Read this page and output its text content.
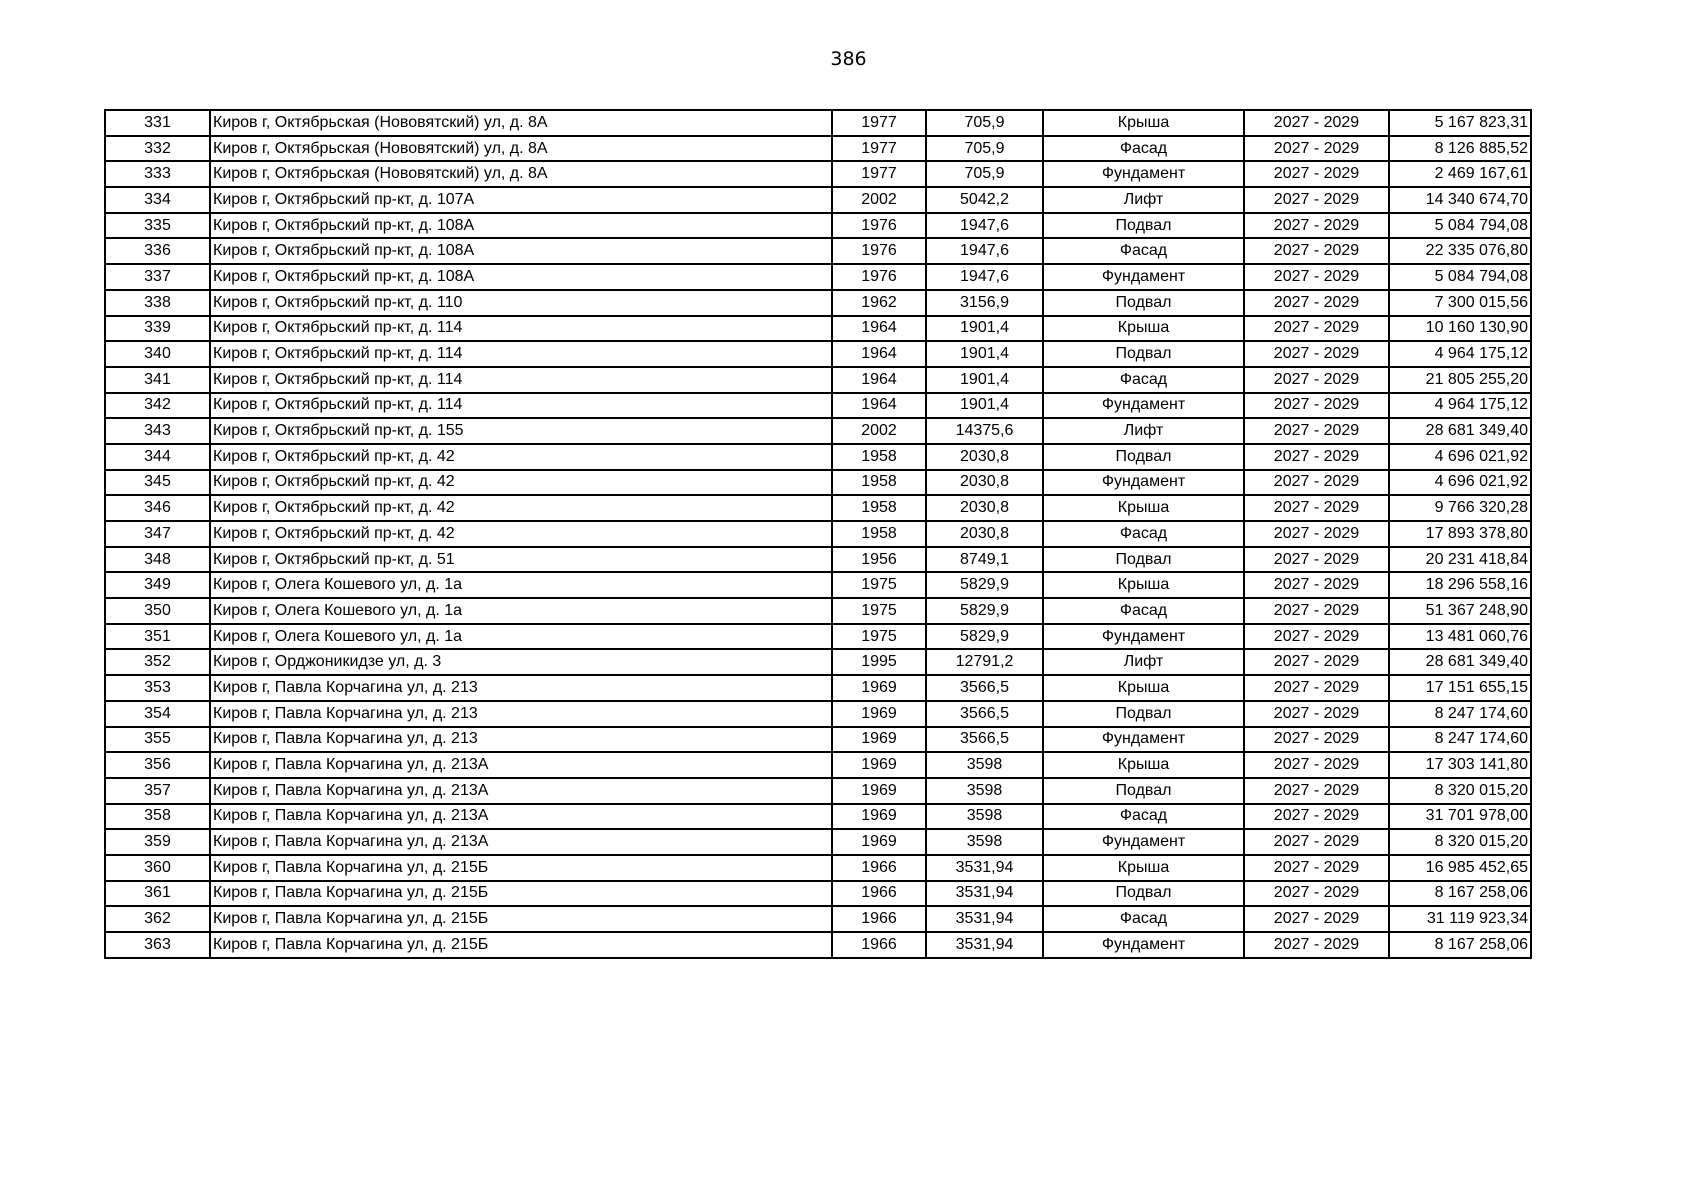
386
331	Киров г, Октябрьская (Нововятский) ул, д. 8А	1977	705,9	Крыша	2027 - 2029	5 167 823,31
332	Киров г, Октябрьская (Нововятский) ул, д. 8А	1977	705,9	Фасад	2027 - 2029	8 126 885,52
333	Киров г, Октябрьская (Нововятский) ул, д. 8А	1977	705,9	Фундамент	2027 - 2029	2 469 167,61
334	Киров г, Октябрьский пр-кт, д. 107А	2002	5042,2	Лифт	2027 - 2029	14 340 674,70
335	Киров г, Октябрьский пр-кт, д. 108А	1976	1947,6	Подвал	2027 - 2029	5 084 794,08
336	Киров г, Октябрьский пр-кт, д. 108А	1976	1947,6	Фасад	2027 - 2029	22 335 076,80
337	Киров г, Октябрьский пр-кт, д. 108А	1976	1947,6	Фундамент	2027 - 2029	5 084 794,08
338	Киров г, Октябрьский пр-кт, д. 110	1962	3156,9	Подвал	2027 - 2029	7 300 015,56
339	Киров г, Октябрьский пр-кт, д. 114	1964	1901,4	Крыша	2027 - 2029	10 160 130,90
340	Киров г, Октябрьский пр-кт, д. 114	1964	1901,4	Подвал	2027 - 2029	4 964 175,12
341	Киров г, Октябрьский пр-кт, д. 114	1964	1901,4	Фасад	2027 - 2029	21 805 255,20
342	Киров г, Октябрьский пр-кт, д. 114	1964	1901,4	Фундамент	2027 - 2029	4 964 175,12
343	Киров г, Октябрьский пр-кт, д. 155	2002	14375,6	Лифт	2027 - 2029	28 681 349,40
344	Киров г, Октябрьский пр-кт, д. 42	1958	2030,8	Подвал	2027 - 2029	4 696 021,92
345	Киров г, Октябрьский пр-кт, д. 42	1958	2030,8	Фундамент	2027 - 2029	4 696 021,92
346	Киров г, Октябрьский пр-кт, д. 42	1958	2030,8	Крыша	2027 - 2029	9 766 320,28
347	Киров г, Октябрьский пр-кт, д. 42	1958	2030,8	Фасад	2027 - 2029	17 893 378,80
348	Киров г, Октябрьский пр-кт, д. 51	1956	8749,1	Подвал	2027 - 2029	20 231 418,84
349	Киров г, Олега Кошевого ул, д. 1а	1975	5829,9	Крыша	2027 - 2029	18 296 558,16
350	Киров г, Олега Кошевого ул, д. 1а	1975	5829,9	Фасад	2027 - 2029	51 367 248,90
351	Киров г, Олега Кошевого ул, д. 1а	1975	5829,9	Фундамент	2027 - 2029	13 481 060,76
352	Киров г, Орджоникидзе ул, д. 3	1995	12791,2	Лифт	2027 - 2029	28 681 349,40
353	Киров г, Павла Корчагина ул, д. 213	1969	3566,5	Крыша	2027 - 2029	17 151 655,15
354	Киров г, Павла Корчагина ул, д. 213	1969	3566,5	Подвал	2027 - 2029	8 247 174,60
355	Киров г, Павла Корчагина ул, д. 213	1969	3566,5	Фундамент	2027 - 2029	8 247 174,60
356	Киров г, Павла Корчагина ул, д. 213А	1969	3598	Крыша	2027 - 2029	17 303 141,80
357	Киров г, Павла Корчагина ул, д. 213А	1969	3598	Подвал	2027 - 2029	8 320 015,20
358	Киров г, Павла Корчагина ул, д. 213А	1969	3598	Фасад	2027 - 2029	31 701 978,00
359	Киров г, Павла Корчагина ул, д. 213А	1969	3598	Фундамент	2027 - 2029	8 320 015,20
360	Киров г, Павла Корчагина ул, д. 215Б	1966	3531,94	Крыша	2027 - 2029	16 985 452,65
361	Киров г, Павла Корчагина ул, д. 215Б	1966	3531,94	Подвал	2027 - 2029	8 167 258,06
362	Киров г, Павла Корчагина ул, д. 215Б	1966	3531,94	Фасад	2027 - 2029	31 119 923,34
363	Киров г, Павла Корчагина ул, д. 215Б	1966	3531,94	Фундамент	2027 - 2029	8 167 258,06
